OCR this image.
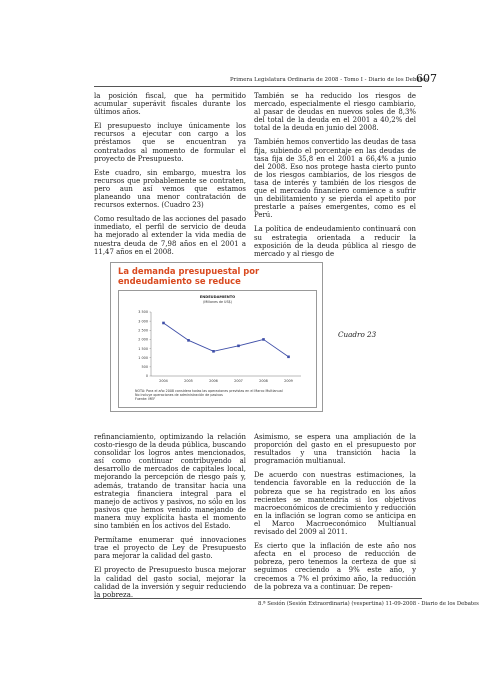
Primera Legislatura Ordinaria de 2008 - Tomo I - Diario de los Debates
607

la posición fiscal, que ha permitido acumular superávit fiscales durante los últimos años.

El presupuesto incluye únicamente los recursos a ejecutar con cargo a los préstamos que se encuentran ya contratados al momento de formular el proyecto de Presupuesto.

Este cuadro, sin embargo, muestra los recursos que probablemente se contraten, pero aun así vemos que estamos planeando una menor contratación de recursos externos. (Cuadro 23)

Como resultado de las acciones del pasado inmediato, el perfil de servicio de deuda ha mejorado al extender la vida media de nuestra deuda de 7,98 años en el 2001 a 11,47 años en el 2008.

También se ha reducido los riesgos de mercado, especialmente el riesgo cambiario, al pasar de deudas en nuevos soles de 8,3% del total de la deuda en el 2001 a 40,2% del total de la deuda en junio del 2008.

También hemos convertido las deudas de tasa fija, subiendo el porcentaje en las deudas de tasa fija de 35,8 en el 2001 a 66,4% a junio del 2008. Eso nos protege hasta cierto punto de los riesgos cambiarios, de los riesgos de tasa de interés y también de los riesgos de que el mercado financiero comience a sufrir un debilitamiento y se pierda el apetito por prestarle a países emergentes, como es el Perú.

La política de endeudamiento continuará con su estrategia orientada a reducir la exposición de la deuda pública al riesgo de mercado y al riesgo de

La demanda presupuestal por endeudamiento se reduce
ENDEUDAMIENTO
(Millones de US$)
3 500
3 000
2 500
2 000
1 500
1 000
500
0
2004	2005	2006	2007	2008	2009
NOTA: Para el año 2008 considera todas las operaciones previstas en el Marco Multianual
No incluye operaciones de administración de pasivos
Fuente: MEF
Cuadro 23

refinanciamiento, optimizando la relación costo-riesgo de la deuda pública, buscando consolidar los logros antes mencionados, así como continuar contribuyendo al desarrollo de mercados de capitales local, mejorando la percepción de riesgo país y, además, tratando de transitar hacia una estrategia financiera integral para el manejo de activos y pasivos, no sólo en los pasivos que hemos venido manejando de manera muy explícita hasta el momento sino también en los activos del Estado.

Permítame enumerar qué innovaciones trae el proyecto de Ley de Presupuesto para mejorar la calidad del gasto.

El proyecto de Presupuesto busca mejorar la calidad del gasto social, mejorar la calidad de la inversión y seguir reduciendo la pobreza.

Asimismo, se espera una ampliación de la proporción del gasto en el presupuesto por resultados y una transición hacia la programación multianual.

De acuerdo con nuestras estimaciones, la tendencia favorable en la reducción de la pobreza que se ha registrado en los años recientes se mantendría si los objetivos macroeconómicos de crecimiento y reducción en la inflación se logran como se anticipa en el Marco Macroeconómico Multianual revisado del 2009 al 2011.

Es cierto que la inflación de este año nos afecta en el proceso de reducción de pobreza, pero tenemos la certeza de que si seguimos creciendo a 9% este año, y crecemos a 7% el próximo año, la reducción de la pobreza va a continuar. De repen-

8.ª Sesión (Sesión Extraordinaria) (vespertina) 11-09-2008 - Diario de los Debates
